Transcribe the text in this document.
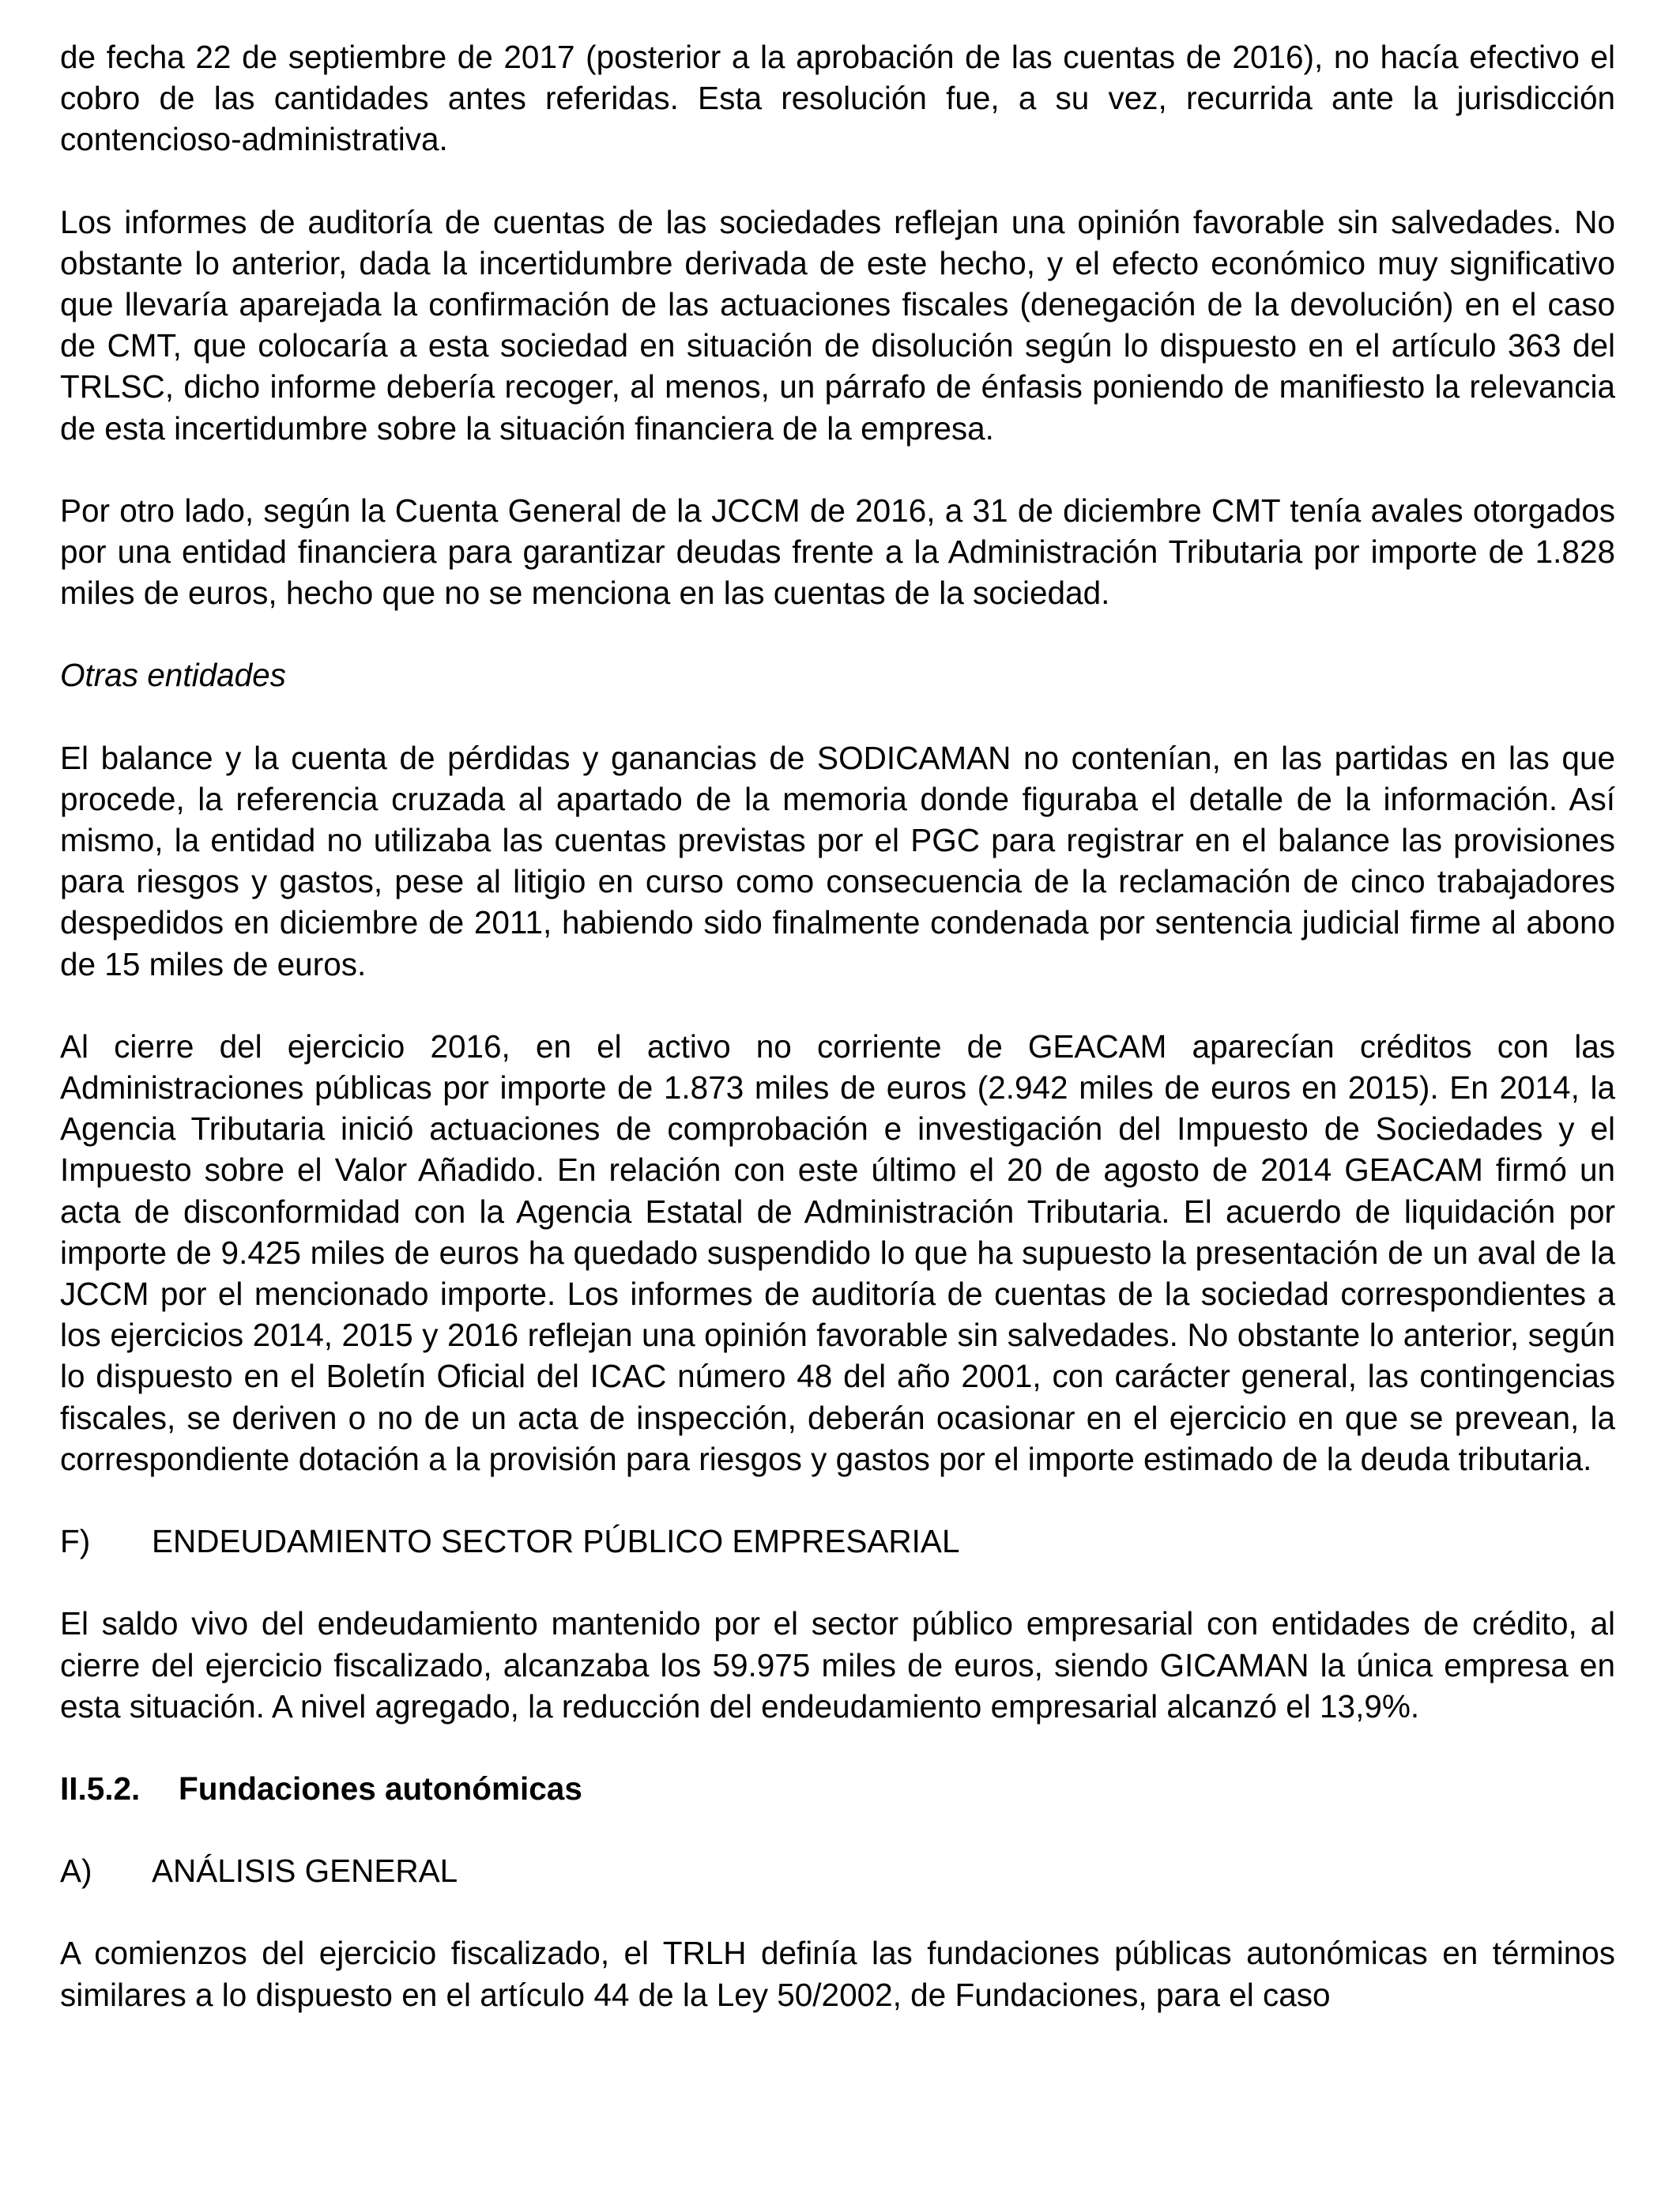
de fecha 22 de septiembre de 2017 (posterior a la aprobación de las cuentas de 2016), no hacía efectivo el cobro de las cantidades antes referidas. Esta resolución fue, a su vez, recurrida ante la jurisdicción contencioso-administrativa.

Los informes de auditoría de cuentas de las sociedades reflejan una opinión favorable sin salvedades. No obstante lo anterior, dada la incertidumbre derivada de este hecho, y el efecto económico muy significativo que llevaría aparejada la confirmación de las actuaciones fiscales (denegación de la devolución) en el caso de CMT, que colocaría a esta sociedad en situación de disolución según lo dispuesto en el artículo 363 del TRLSC, dicho informe debería recoger, al menos, un párrafo de énfasis poniendo de manifiesto la relevancia de esta incertidumbre sobre la situación financiera de la empresa.

Por otro lado, según la Cuenta General de la JCCM de 2016, a 31 de diciembre CMT tenía avales otorgados por una entidad financiera para garantizar deudas frente a la Administración Tributaria por importe de 1.828 miles de euros, hecho que no se menciona en las cuentas de la sociedad.

Otras entidades

El balance y la cuenta de pérdidas y ganancias de SODICAMAN no contenían, en las partidas en las que procede, la referencia cruzada al apartado de la memoria donde figuraba el detalle de la información. Así mismo, la entidad no utilizaba las cuentas previstas por el PGC para registrar en el balance las provisiones para riesgos y gastos, pese al litigio en curso como consecuencia de la reclamación de cinco trabajadores despedidos en diciembre de 2011, habiendo sido finalmente condenada por sentencia judicial firme al abono de 15 miles de euros.

Al cierre del ejercicio 2016, en el activo no corriente de GEACAM aparecían créditos con las Administraciones públicas por importe de 1.873 miles de euros (2.942 miles de euros en 2015). En 2014, la Agencia Tributaria inició actuaciones de comprobación e investigación del Impuesto de Sociedades y el Impuesto sobre el Valor Añadido. En relación con este último el 20 de agosto de 2014 GEACAM firmó un acta de disconformidad con la Agencia Estatal de Administración Tributaria. El acuerdo de liquidación por importe de 9.425 miles de euros ha quedado suspendido lo que ha supuesto la presentación de un aval de la JCCM por el mencionado importe. Los informes de auditoría de cuentas de la sociedad correspondientes a los ejercicios 2014, 2015 y 2016 reflejan una opinión favorable sin salvedades. No obstante lo anterior, según lo dispuesto en el Boletín Oficial del ICAC número 48 del año 2001, con carácter general, las contingencias fiscales, se deriven o no de un acta de inspección, deberán ocasionar en el ejercicio en que se prevean, la correspondiente dotación a la provisión para riesgos y gastos por el importe estimado de la deuda tributaria.

F)	ENDEUDAMIENTO SECTOR PÚBLICO EMPRESARIAL

El saldo vivo del endeudamiento mantenido por el sector público empresarial con entidades de crédito, al cierre del ejercicio fiscalizado, alcanzaba los 59.975 miles de euros, siendo GICAMAN la única empresa en esta situación. A nivel agregado, la reducción del endeudamiento empresarial alcanzó el 13,9%.

II.5.2.	Fundaciones autonómicas

A)	ANÁLISIS GENERAL

A comienzos del ejercicio fiscalizado, el TRLH definía las fundaciones públicas autonómicas en términos similares a lo dispuesto en el artículo 44 de la Ley 50/2002, de Fundaciones, para el caso
